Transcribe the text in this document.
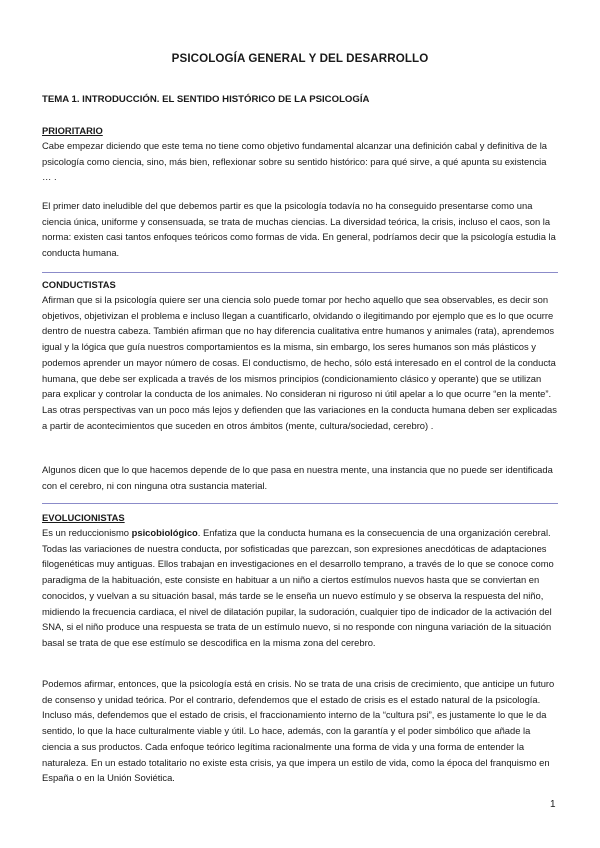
PSICOLOGÍA GENERAL Y DEL DESARROLLO
TEMA 1. INTRODUCCIÓN. EL SENTIDO HISTÓRICO DE LA PSICOLOGÍA
PRIORITARIO
Cabe empezar diciendo que este tema no tiene como objetivo fundamental alcanzar una definición cabal y definitiva de la psicología como ciencia, sino, más bien, reflexionar sobre su sentido histórico: para qué sirve, a qué apunta su existencia … .
El primer dato ineludible del que debemos partir es que la psicología todavía no ha conseguido presentarse como una ciencia única, uniforme y consensuada, se trata de muchas ciencias. La diversidad teórica, la crisis, incluso el caos, son la norma: existen casi tantos enfoques teóricos como formas de vida. En general, podríamos decir que la psicología estudia la conducta humana.
CONDUCTISTAS
Afirman que si la psicología quiere ser una ciencia solo puede tomar por hecho aquello que sea observables, es decir son objetivos, objetivizan el problema e incluso llegan a cuantificarlo, olvidando o ilegitimando por ejemplo que es lo que ocurre dentro de nuestra cabeza. También afirman que no hay diferencia cualitativa entre humanos y animales (rata), aprendemos igual y la lógica que guía nuestros comportamientos es la misma, sin embargo, los seres humanos son más plásticos y podemos aprender un mayor número de cosas. El conductismo, de hecho, sólo está interesado en el control de la conducta humana, que debe ser explicada a través de los mismos principios (condicionamiento clásico y operante) que se utilizan para explicar y controlar la conducta de los animales. No consideran ni riguroso ni útil apelar a lo que ocurre “en la mente”. Las otras perspectivas van un poco más lejos y defienden que las variaciones en la conducta humana deben ser explicadas a partir de acontecimientos que suceden en otros ámbitos (mente, cultura/sociedad, cerebro) .
Algunos dicen que lo que hacemos depende de lo que pasa en nuestra mente, una instancia que no puede ser identificada con el cerebro, ni con ninguna otra sustancia material.
EVOLUCIONISTAS
Es un reduccionismo psicobiológico. Enfatiza que la conducta humana es la consecuencia de una organización cerebral. Todas las variaciones de nuestra conducta, por sofisticadas que parezcan, son expresiones anecdóticas de adaptaciones filogenéticas muy antiguas. Ellos trabajan en investigaciones en el desarrollo temprano, a través de lo que se conoce como paradigma de la habituación, este consiste en habituar a un niño a ciertos estímulos nuevos hasta que se conviertan en conocidos, y vuelvan a su situación basal, más tarde se le enseña un nuevo estímulo y se observa la respuesta del niño, midiendo la frecuencia cardiaca, el nivel de dilatación pupilar, la sudoración, cualquier tipo de indicador de la activación del SNA, si el niño produce una respuesta se trata de un estímulo nuevo, si no responde con ninguna variación de la situación basal se trata de que ese estímulo se descodifica en la misma zona del cerebro.
Podemos afirmar, entonces, que la psicología está en crisis. No se trata de una crisis de crecimiento, que anticipe un futuro de consenso y unidad teórica. Por el contrario, defendemos que el estado de crisis es el estado natural de la psicología. Incluso más, defendemos que el estado de crisis, el fraccionamiento interno de la “cultura psi”, es justamente lo que le da sentido, lo que la hace culturalmente viable y útil. Lo hace, además, con la garantía y el poder simbólico que añade la ciencia a sus productos. Cada enfoque teórico legítima racionalmente una forma de vida y una forma de entender la naturaleza. En un estado totalitario no existe esta crisis, ya que impera un estilo de vida, como la época del franquismo en España o en la Unión Soviética.
1
